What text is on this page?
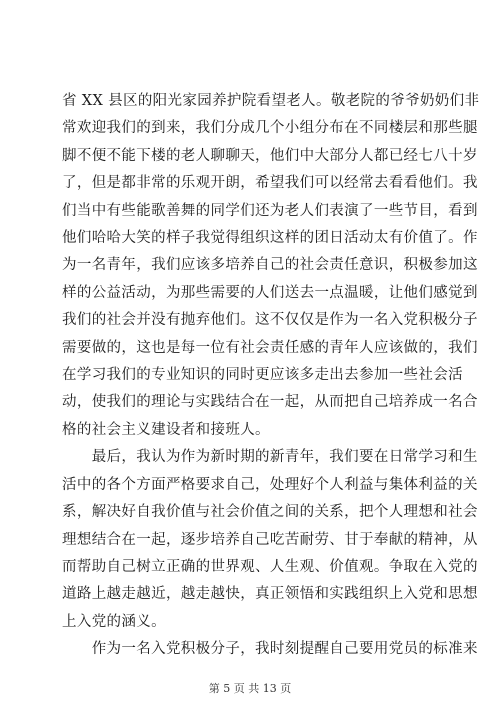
省 XX 县区的阳光家园养护院看望老人。敬老院的爷爷奶奶们非

常欢迎我们的到来，我们分成几个小组分布在不同楼层和那些腿

脚不便不能下楼的老人聊聊天，他们中大部分人都已经七八十岁

了，但是都非常的乐观开朗，希望我们可以经常去看看他们。我

们当中有些能歌善舞的同学们还为老人们表演了一些节目，看到

他们哈哈大笑的样子我觉得组织这样的团日活动太有价值了。作

为一名青年，我们应该多培养自己的社会责任意识，积极参加这

样的公益活动，为那些需要的人们送去一点温暖，让他们感觉到

我们的社会并没有抛弃他们。这不仅仅是作为一名入党积极分子

需要做的，这也是每一位有社会责任感的青年人应该做的，我们

在学习我们的专业知识的同时更应该多走出去参加一些社会活

动，使我们的理论与实践结合在一起，从而把自己培养成一名合

格的社会主义建设者和接班人。

　　最后，我认为作为新时期的新青年，我们要在日常学习和生

活中的各个方面严格要求自己，处理好个人利益与集体利益的关

系，解决好自我价值与社会价值之间的关系，把个人理想和社会

理想结合在一起，逐步培养自己吃苦耐劳、甘于奉献的精神，从

而帮助自己树立正确的世界观、人生观、价值观。争取在入党的

道路上越走越近，越走越快，真正领悟和实践组织上入党和思想

上入党的涵义。

　　作为一名入党积极分子，我时刻提醒自己要用党员的标准来

第 5 页 共 13 页
